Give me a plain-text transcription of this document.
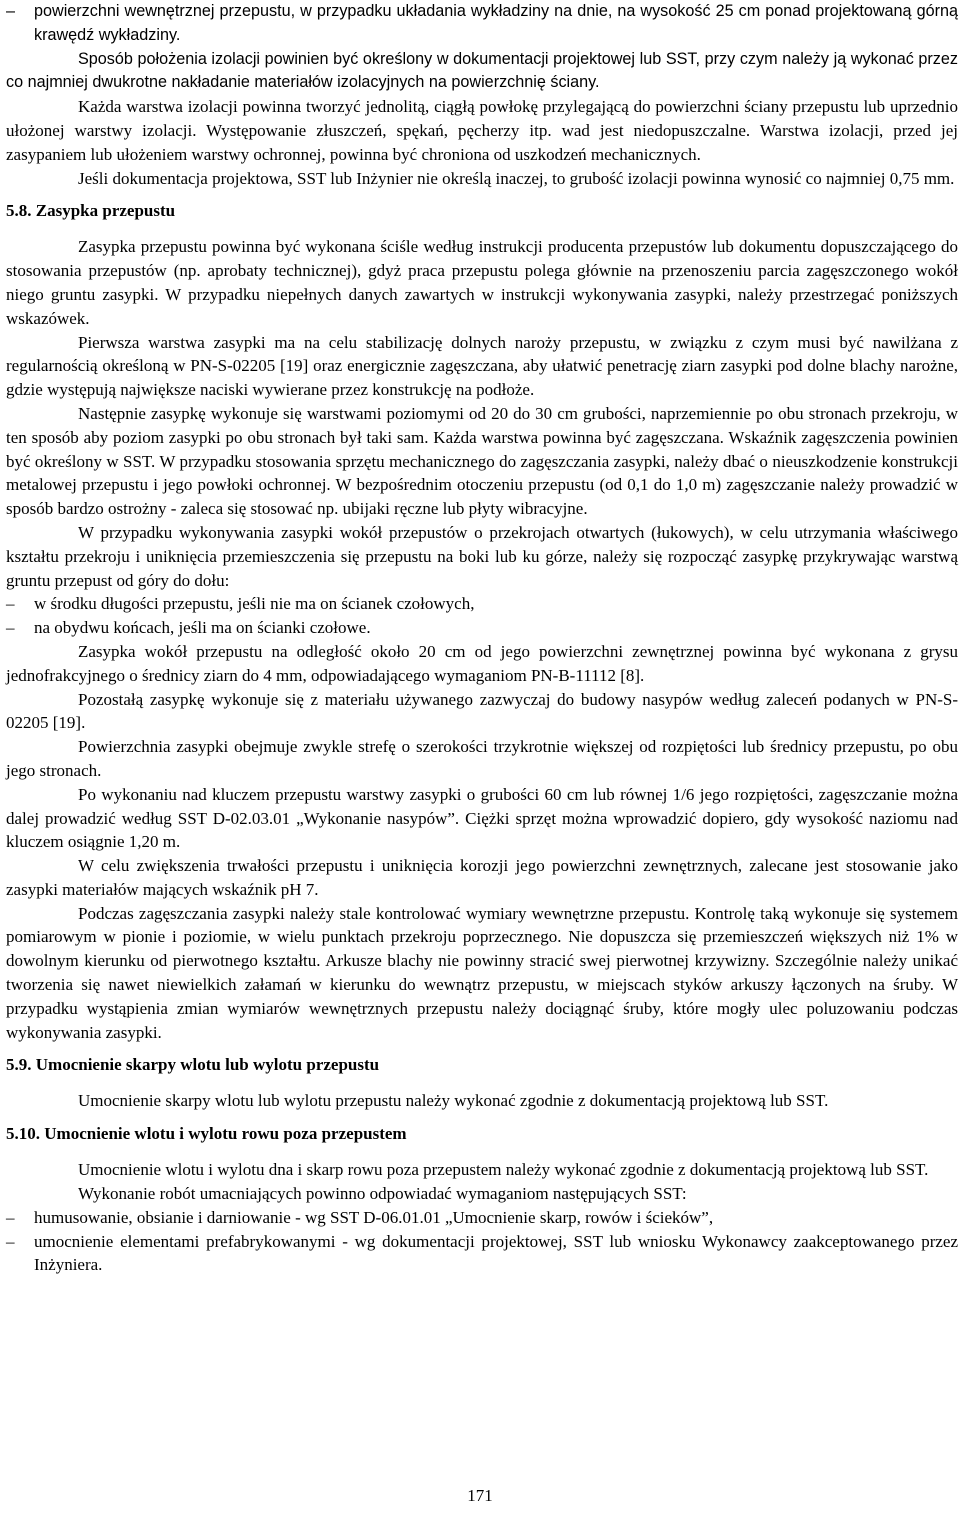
– powierzchni wewnętrznej przepustu, w przypadku układania wykładziny na dnie, na wysokość 25 cm ponad projektowaną górną krawędź wykładziny.

Sposób położenia izolacji powinien być określony w dokumentacji projektowej lub SST, przy czym należy ją wykonać przez co najmniej dwukrotne nakładanie materiałów izolacyjnych na powierzchnię ściany.

Każda warstwa izolacji powinna tworzyć jednolitą, ciągłą powłokę przylegającą do powierzchni ściany przepustu lub uprzednio ułożonej warstwy izolacji. Występowanie złuszczeń, spękań, pęcherzy itp. wad jest niedopuszczalne. Warstwa izolacji, przed jej zasypaniem lub ułożeniem warstwy ochronnej, powinna być chroniona od uszkodzeń mechanicznych.

Jeśli dokumentacja projektowa, SST lub Inżynier nie określą inaczej, to grubość izolacji powinna wynosić co najmniej 0,75 mm.

5.8. Zasypka przepustu

Zasypka przepustu powinna być wykonana ściśle według instrukcji producenta przepustów lub dokumentu dopuszczającego do stosowania przepustów (np. aprobaty technicznej), gdyż praca przepustu polega głównie na przenoszeniu parcia zagęszczonego wokół niego gruntu zasypki. W przypadku niepełnych danych zawartych w instrukcji wykonywania zasypki, należy przestrzegać poniższych wskazówek.

Pierwsza warstwa zasypki ma na celu stabilizację dolnych naroży przepustu, w związku z czym musi być nawilżana z regularnością określoną w PN-S-02205 [19] oraz energicznie zagęszczana, aby ułatwić penetrację ziarn zasypki pod dolne blachy narożne, gdzie występują największe naciski wywierane przez konstrukcję na podłoże.

Następnie zasypkę wykonuje się warstwami poziomymi od 20 do 30 cm grubości, naprzemiennie po obu stronach przekroju, w ten sposób aby poziom zasypki po obu stronach był taki sam. Każda warstwa powinna być zagęszczana. Wskaźnik zagęszczenia powinien być określony w SST. W przypadku stosowania sprzętu mechanicznego do zagęszczania zasypki, należy dbać o nieuszkodzenie konstrukcji metalowej przepustu i jego powłoki ochronnej. W bezpośrednim otoczeniu przepustu (od 0,1 do 1,0 m) zagęszczanie należy prowadzić w sposób bardzo ostrożny - zaleca się stosować np. ubijaki ręczne lub płyty wibracyjne.

W przypadku wykonywania zasypki wokół przepustów o przekrojach otwartych (łukowych), w celu utrzymania właściwego kształtu przekroju i uniknięcia przemieszczenia się przepustu na boki lub ku górze, należy się rozpocząć zasypkę przykrywając warstwą gruntu przepust od góry do dołu:

– w środku długości przepustu, jeśli nie ma on ścianek czołowych,
– na obydwu końcach, jeśli ma on ścianki czołowe.

Zasypka wokół przepustu na odległość około 20 cm od jego powierzchni zewnętrznej powinna być wykonana z grysu jednofrakcyjnego o średnicy ziarn do 4 mm, odpowiadającego wymaganiom PN-B-11112 [8].

Pozostałą zasypkę wykonuje się z materiału używanego zazwyczaj do budowy nasypów według zaleceń podanych w PN-S-02205 [19].

Powierzchnia zasypki obejmuje zwykle strefę o szerokości trzykrotnie większej od rozpiętości lub średnicy przepustu, po obu jego stronach.

Po wykonaniu nad kluczem przepustu warstwy zasypki o grubości 60 cm lub równej 1/6 jego rozpiętości, zagęszczanie można dalej prowadzić według SST D-02.03.01 „Wykonanie nasypów”. Ciężki sprzęt można wprowadzić dopiero, gdy wysokość naziomu nad kluczem osiągnie 1,20 m.

W celu zwiększenia trwałości przepustu i uniknięcia korozji jego powierzchni zewnętrznych, zalecane jest stosowanie jako zasypki materiałów mających wskaźnik pH 7.

Podczas zagęszczania zasypki należy stale kontrolować wymiary wewnętrzne przepustu. Kontrolę taką wykonuje się systemem pomiarowym w pionie i poziomie, w wielu punktach przekroju poprzecznego. Nie dopuszcza się przemieszczeń większych niż 1% w dowolnym kierunku od pierwotnego kształtu. Arkusze blachy nie powinny stracić swej pierwotnej krzywizny. Szczególnie należy unikać tworzenia się nawet niewielkich załamań w kierunku do wewnątrz przepustu, w miejscach styków arkuszy łączonych na śruby. W przypadku wystąpienia zmian wymiarów wewnętrznych przepustu należy dociągnąć śruby, które mogły ulec poluzowaniu podczas wykonywania zasypki.

5.9. Umocnienie skarpy wlotu lub wylotu przepustu

Umocnienie skarpy wlotu lub wylotu przepustu należy wykonać zgodnie z dokumentacją projektową lub SST.

5.10. Umocnienie wlotu i wylotu rowu poza przepustem

Umocnienie wlotu i wylotu dna i skarp rowu poza przepustem należy wykonać zgodnie z dokumentacją projektową lub SST.

Wykonanie robót umacniających powinno odpowiadać wymaganiom następujących SST:

– humusowanie, obsianie i darniowanie - wg SST D-06.01.01 „Umocnienie skarp, rowów i ścieków”,
– umocnienie elementami prefabrykowanymi - wg dokumentacji projektowej, SST lub wniosku Wykonawcy zaakceptowanego przez Inżyniera.
171
